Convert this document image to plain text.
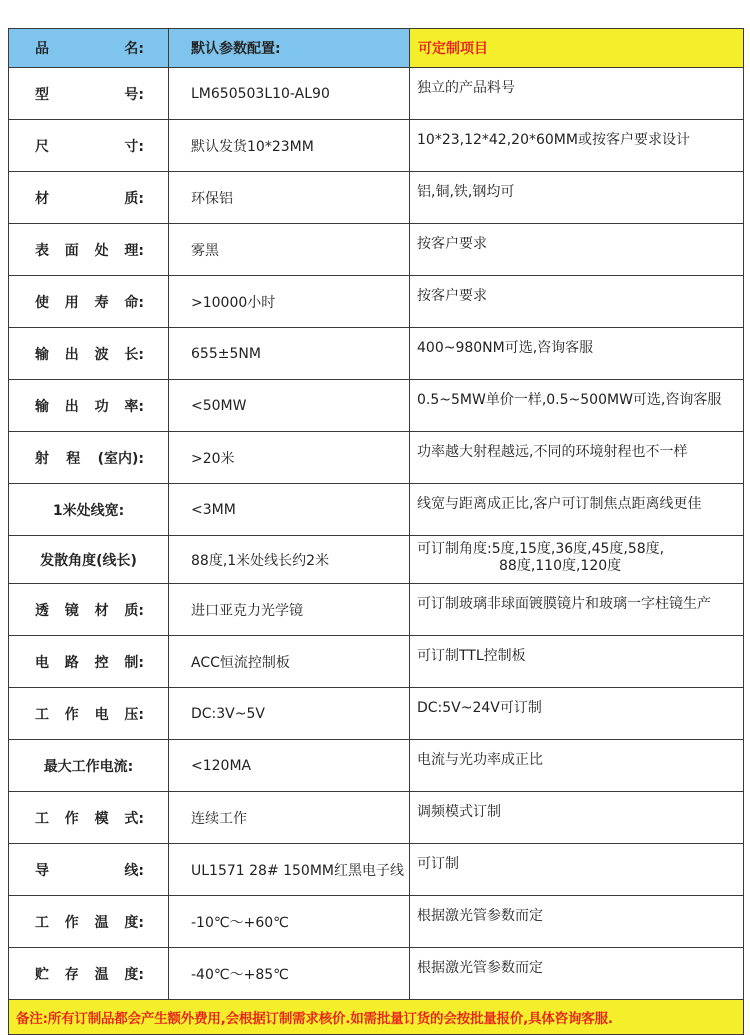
品 名:	默认参数配置:	可定制项目

型 号:	LM650503L10-AL90	独立的产品料号

尺 寸:	默认发货10*23MM	10*23,12*42,20*60MM或按客户要求设计

材 质:	环保铝	铝,铜,铁,钢均可

表 面 处 理:	雾黑	按客户要求

使 用 寿 命:	>10000小时	按客户要求

输 出 波 长:	655±5NM	400~980NM可选,咨询客服

输 出 功 率:	<50MW	0.5~5MW单价一样,0.5~500MW可选,咨询客服

射 程 (室内):	>20米	功率越大射程越远,不同的环境射程也不一样

1米处线宽:	<3MM	线宽与距离成正比,客户可订制焦点距离线更佳

发散角度(线长)	88度,1米处线长约2米	可订制角度:5度,15度,36度,45度,58度,
88度,110度,120度

透 镜 材 质:	进口亚克力光学镜	可订制玻璃非球面镀膜镜片和玻璃一字柱镜生产

电 路 控 制:	ACC恒流控制板	可订制TTL控制板

工 作 电 压:	DC:3V~5V	DC:5V~24V可订制

最大工作电流:	<120MA	电流与光功率成正比

工 作 模 式:	连续工作	调频模式订制

导 线:	UL1571 28# 150MM红黑电子线	可订制

工 作 温 度:	-10℃～+60℃	根据激光管参数而定

贮 存 温 度:	-40℃～+85℃	根据激光管参数而定
备注:所有订制品都会产生额外费用,会根据订制需求核价.如需批量订货的会按批量报价,具体咨询客服.		
